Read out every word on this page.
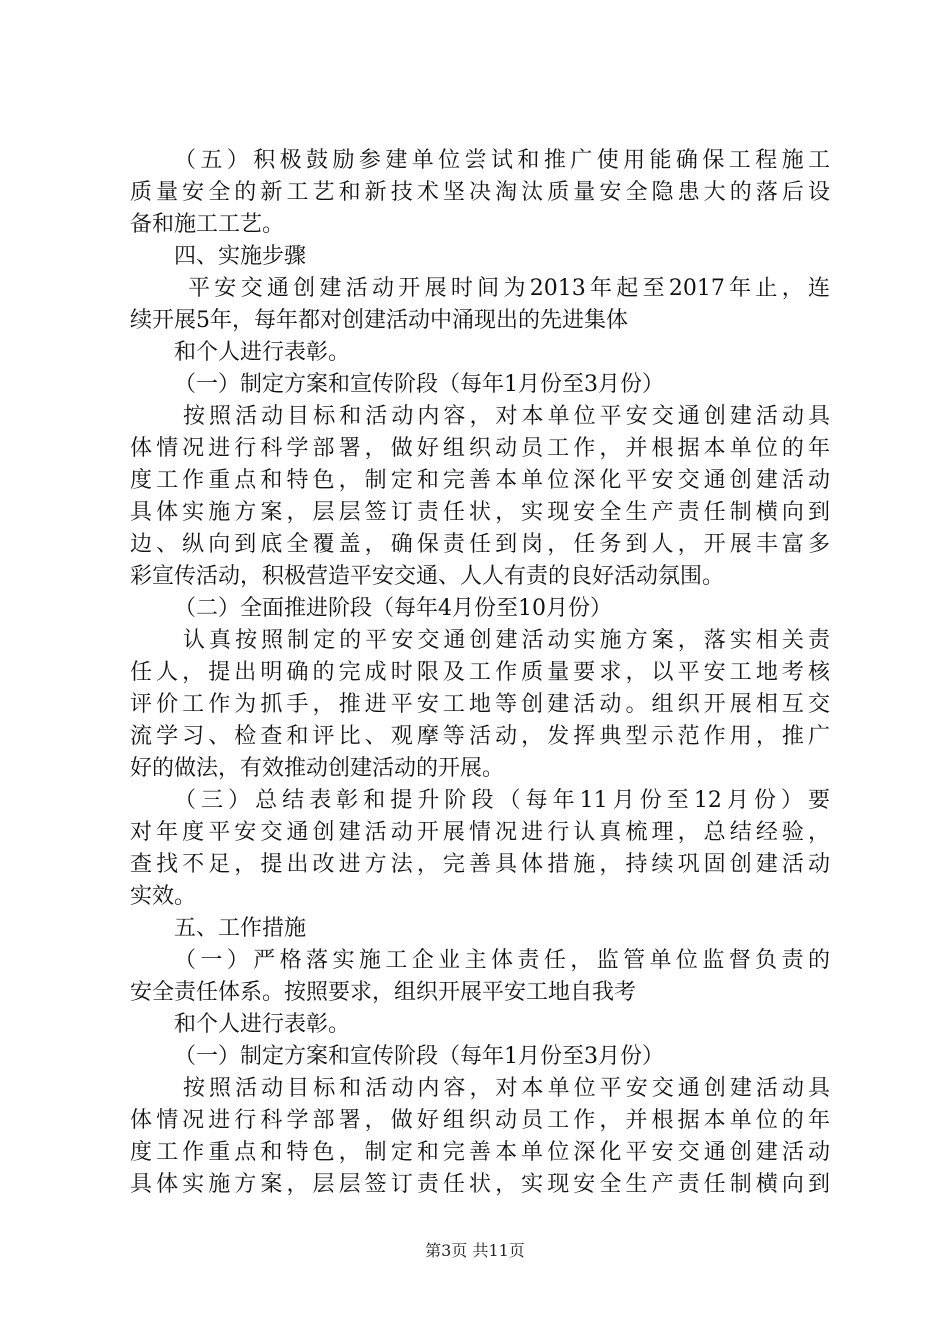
（五）积极鼓励参建单位尝试和推广使用能确保工程施工
质量安全的新工艺和新技术坚决淘汰质量安全隐患大的落后设
备和施工工艺。
四、实施步骤
平安交通创建活动开展时间为2013年起至2017年止，连
续开展5年，每年都对创建活动中涌现出的先进集体
和个人进行表彰。
（一）制定方案和宣传阶段（每年1月份至3月份）
按照活动目标和活动内容，对本单位平安交通创建活动具
体情况进行科学部署，做好组织动员工作，并根据本单位的年
度工作重点和特色，制定和完善本单位深化平安交通创建活动
具体实施方案，层层签订责任状，实现安全生产责任制横向到
边、纵向到底全覆盖，确保责任到岗，任务到人，开展丰富多
彩宣传活动，积极营造平安交通、人人有责的良好活动氛围。
（二）全面推进阶段（每年4月份至10月份）
认真按照制定的平安交通创建活动实施方案，落实相关责
任人，提出明确的完成时限及工作质量要求，以平安工地考核
评价工作为抓手，推进平安工地等创建活动。组织开展相互交
流学习、检查和评比、观摩等活动，发挥典型示范作用，推广
好的做法，有效推动创建活动的开展。
（三）总结表彰和提升阶段（每年11月份至12月份）要
对年度平安交通创建活动开展情况进行认真梳理，总结经验，
查找不足，提出改进方法，完善具体措施，持续巩固创建活动
实效。
五、工作措施
（一）严格落实施工企业主体责任，监管单位监督负责的
安全责任体系。按照要求，组织开展平安工地自我考
和个人进行表彰。
（一）制定方案和宣传阶段（每年1月份至3月份）
按照活动目标和活动内容，对本单位平安交通创建活动具
体情况进行科学部署，做好组织动员工作，并根据本单位的年
度工作重点和特色，制定和完善本单位深化平安交通创建活动
具体实施方案，层层签订责任状，实现安全生产责任制横向到
第3页 共11页
